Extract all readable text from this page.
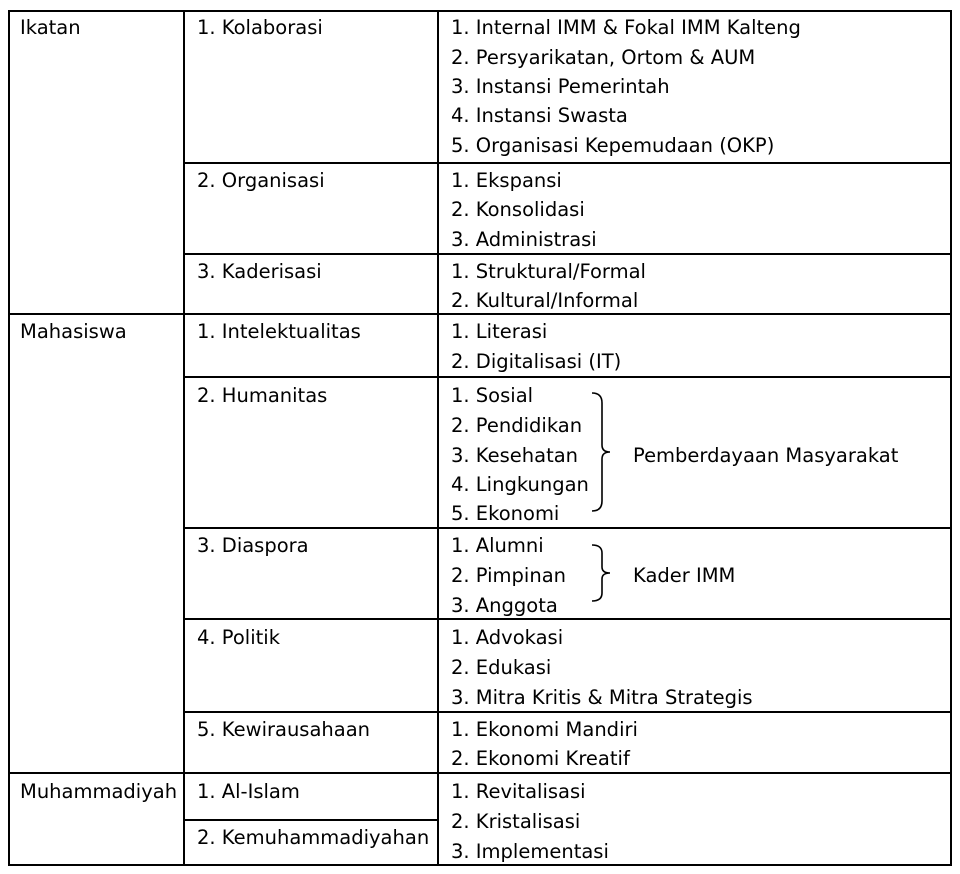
Ikatan
Mahasiswa
Muhammadiyah
1. Kolaborasi
2. Organisasi
3. Kaderisasi
1. Intelektualitas
2. Humanitas
3. Diaspora
4. Politik
5. Kewirausahaan
1. Al-Islam
2. Kemuhammadiyahan
1. Internal IMM & Fokal IMM Kalteng
2. Persyarikatan, Ortom & AUM
3. Instansi Pemerintah
4. Instansi Swasta
5. Organisasi Kepemudaan (OKP)
1. Ekspansi
2. Konsolidasi
3. Administrasi
1. Struktural/Formal
2. Kultural/Informal
1. Literasi
2. Digitalisasi (IT)
1. Sosial
2. Pendidikan
3. Kesehatan
4. Lingkungan
5. Ekonomi
Pemberdayaan Masyarakat
1. Alumni
2. Pimpinan
3. Anggota
Kader IMM
1. Advokasi
2. Edukasi
3. Mitra Kritis & Mitra Strategis
1. Ekonomi Mandiri
2. Ekonomi Kreatif
1. Revitalisasi
2. Kristalisasi
3. Implementasi
